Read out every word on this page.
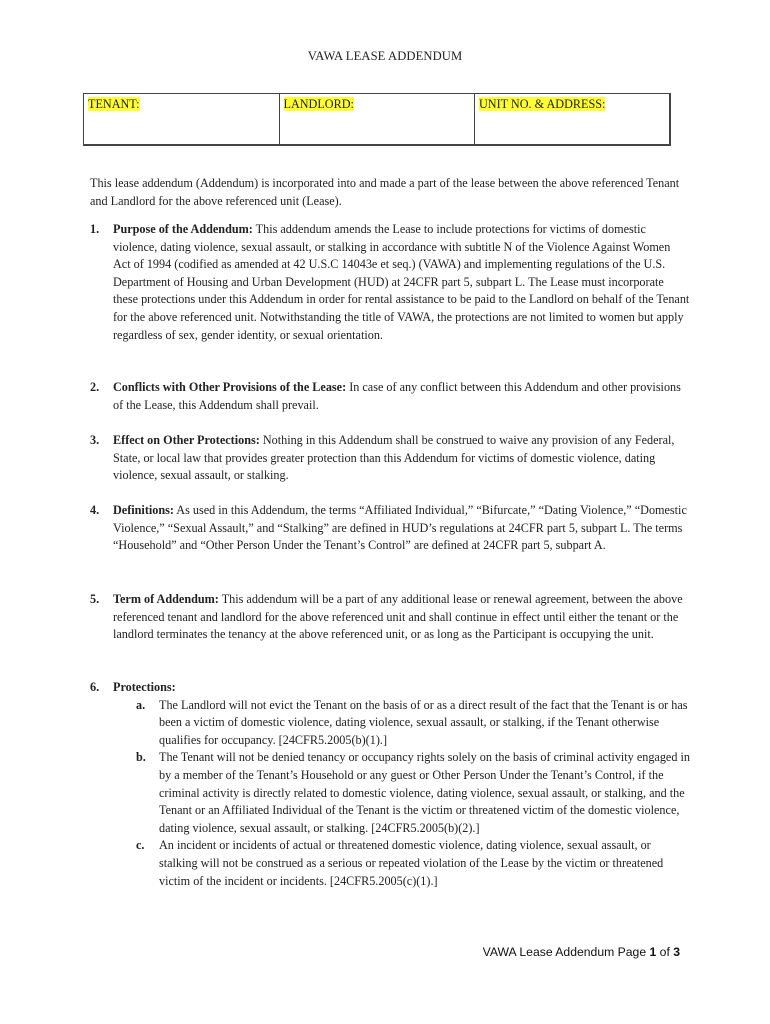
VAWA LEASE ADDENDUM
TENANT:	LANDLORD:	UNIT NO. & ADDRESS:

This lease addendum (Addendum) is incorporated into and made a part of the lease between the above referenced Tenant and Landlord for the above referenced unit (Lease).

1. Purpose of the Addendum: This addendum amends the Lease to include protections for victims of domestic violence, dating violence, sexual assault, or stalking in accordance with subtitle N of the Violence Against Women Act of 1994 (codified as amended at 42 U.S.C 14043e et seq.) (VAWA) and implementing regulations of the U.S. Department of Housing and Urban Development (HUD) at 24CFR part 5, subpart L. The Lease must incorporate these protections under this Addendum in order for rental assistance to be paid to the Landlord on behalf of the Tenant for the above referenced unit. Notwithstanding the title of VAWA, the protections are not limited to women but apply regardless of sex, gender identity, or sexual orientation.
2. Conflicts with Other Provisions of the Lease: In case of any conflict between this Addendum and other provisions of the Lease, this Addendum shall prevail.
3. Effect on Other Protections: Nothing in this Addendum shall be construed to waive any provision of any Federal, State, or local law that provides greater protection than this Addendum for victims of domestic violence, dating violence, sexual assault, or stalking.
4. Definitions: As used in this Addendum, the terms “Affiliated Individual,” “Bifurcate,” “Dating Violence,” “Domestic Violence,” “Sexual Assault,” and “Stalking” are defined in HUD’s regulations at 24CFR part 5, subpart L. The terms “Household” and “Other Person Under the Tenant’s Control” are defined at 24CFR part 5, subpart A.
5. Term of Addendum: This addendum will be a part of any additional lease or renewal agreement, between the above referenced tenant and landlord for the above referenced unit and shall continue in effect until either the tenant or the landlord terminates the tenancy at the above referenced unit, or as long as the Participant is occupying the unit.
6. Protections:
a. The Landlord will not evict the Tenant on the basis of or as a direct result of the fact that the Tenant is or has been a victim of domestic violence, dating violence, sexual assault, or stalking, if the Tenant otherwise qualifies for occupancy. [24CFR5.2005(b)(1).]
b. The Tenant will not be denied tenancy or occupancy rights solely on the basis of criminal activity engaged in by a member of the Tenant’s Household or any guest or Other Person Under the Tenant’s Control, if the criminal activity is directly related to domestic violence, dating violence, sexual assault, or stalking, and the Tenant or an Affiliated Individual of the Tenant is the victim or threatened victim of the domestic violence, dating violence, sexual assault, or stalking. [24CFR5.2005(b)(2).]
c. An incident or incidents of actual or threatened domestic violence, dating violence, sexual assault, or stalking will not be construed as a serious or repeated violation of the Lease by the victim or threatened victim of the incident or incidents. [24CFR5.2005(c)(1).]
VAWA Lease Addendum Page 1 of 3
